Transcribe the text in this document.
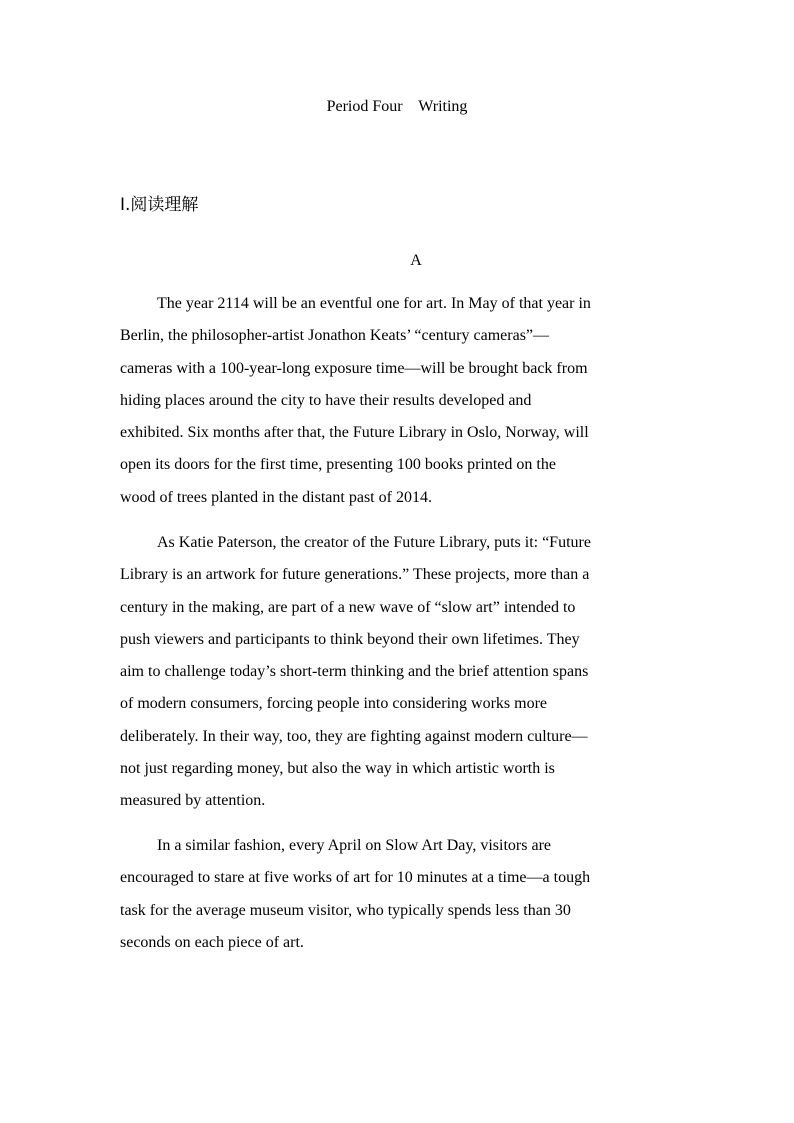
Period Four    Writing
Ⅰ.阅读理解
A
The year 2114 will be an eventful one for art. In May of that year in
Berlin, the philosopher-artist Jonathon Keats’ “century cameras”—
cameras with a 100-year-long exposure time—will be brought back from
hiding places around the city to have their results developed and
exhibited. Six months after that, the Future Library in Oslo, Norway, will
open its doors for the first time, presenting 100 books printed on the
wood of trees planted in the distant past of 2014.
As Katie Paterson, the creator of the Future Library, puts it: “Future
Library is an artwork for future generations.” These projects, more than a
century in the making, are part of a new wave of “slow art” intended to
push viewers and participants to think beyond their own lifetimes. They
aim to challenge today’s short-term thinking and the brief attention spans
of modern consumers, forcing people into considering works more
deliberately. In their way, too, they are fighting against modern culture—
not just regarding money, but also the way in which artistic worth is
measured by attention.
In a similar fashion, every April on Slow Art Day, visitors are
encouraged to stare at five works of art for 10 minutes at a time—a tough
task for the average museum visitor, who typically spends less than 30
seconds on each piece of art.
